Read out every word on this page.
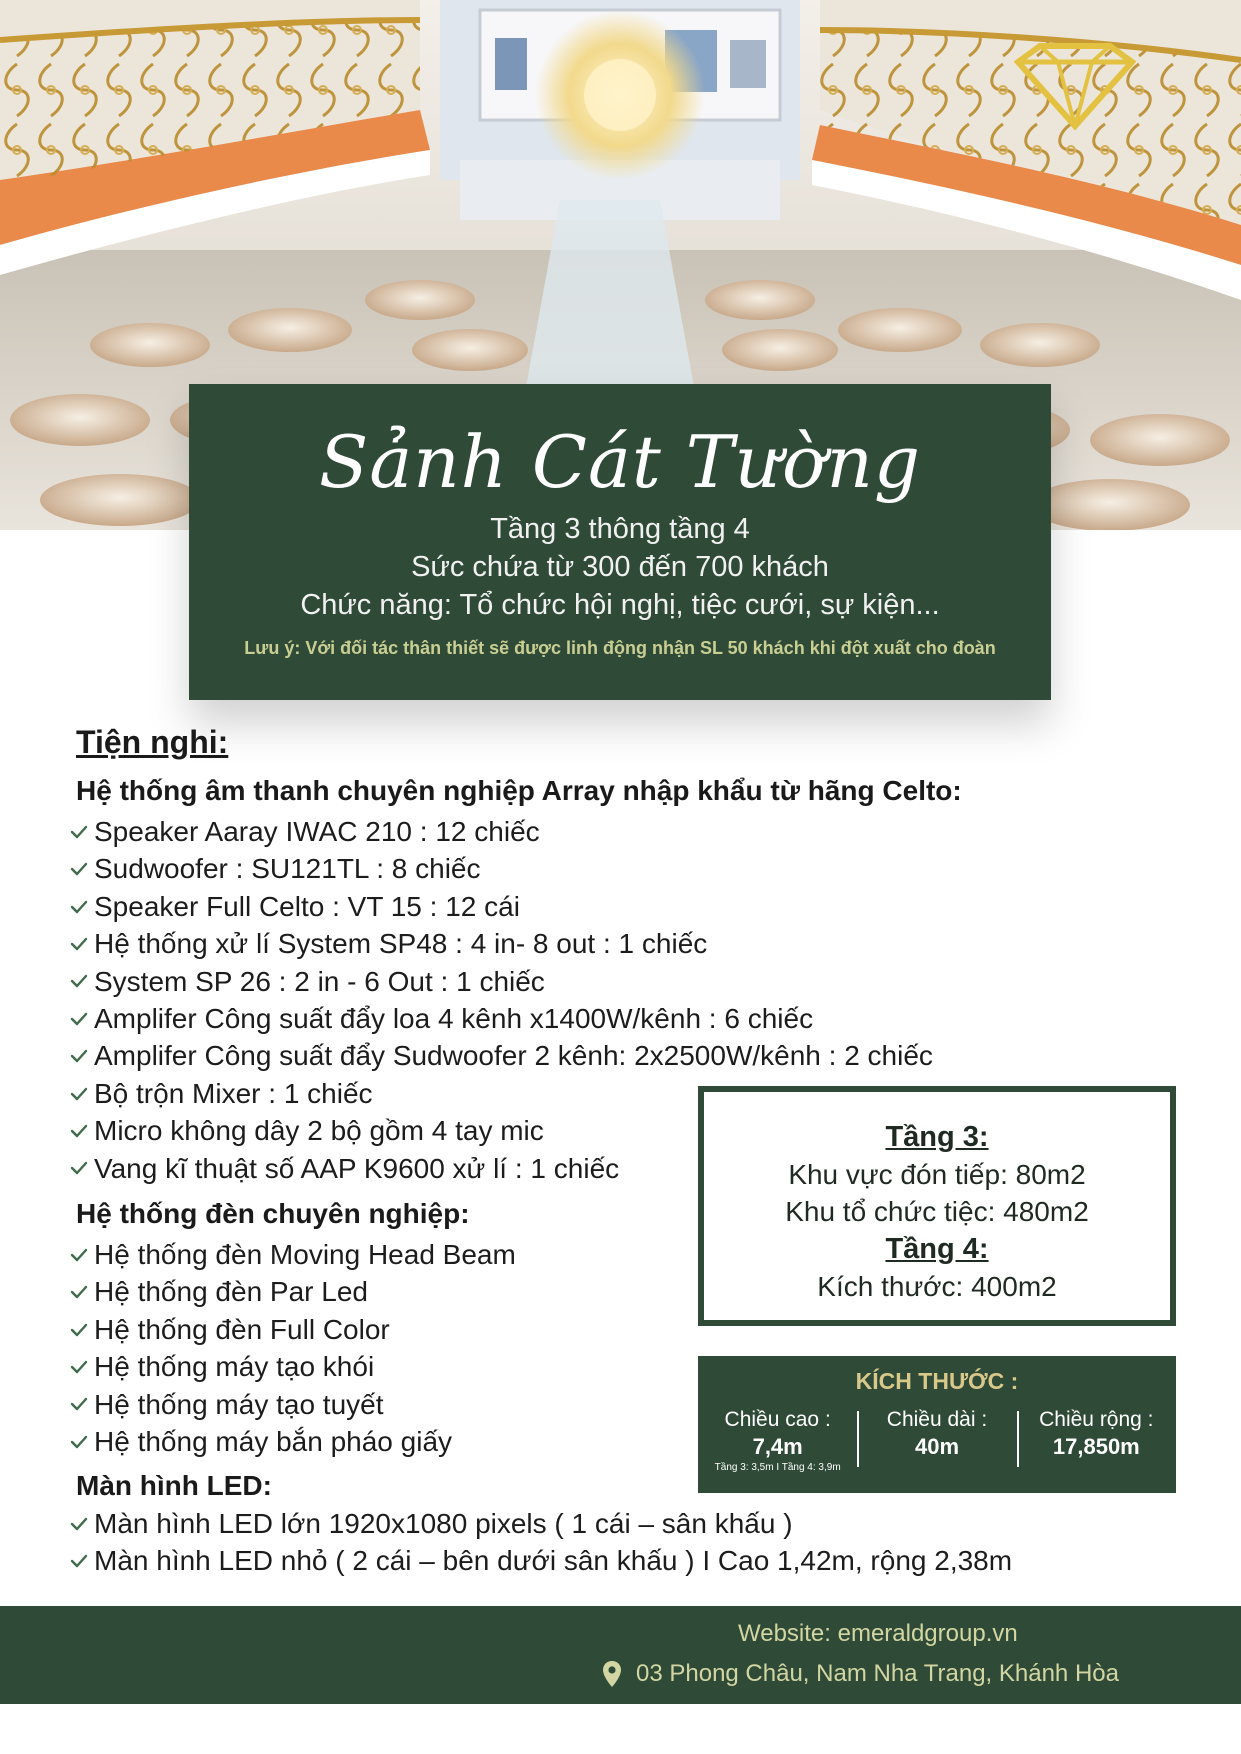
Sảnh Cát Tường
Tầng 3 thông tầng 4
Sức chứa từ 300 đến 700 khách
Chức năng: Tổ chức hội nghị, tiệc cưới, sự kiện...
Lưu ý: Với đối tác thân thiết sẽ được linh động nhận SL 50 khách khi đột xuất cho đoàn
Tiện nghi:
Hệ thống âm thanh chuyên nghiệp Array nhập khẩu từ hãng Celto:
Speaker Aaray IWAC 210 : 12 chiếc
Sudwoofer : SU121TL : 8 chiếc
Speaker Full Celto : VT 15 : 12 cái
Hệ thống xử lí System SP48 : 4 in- 8 out : 1 chiếc
System SP 26 : 2 in - 6 Out : 1 chiếc
Amplifer Công suất đẩy loa 4 kênh x1400W/kênh : 6 chiếc
Amplifer Công suất đẩy Sudwoofer 2 kênh: 2x2500W/kênh : 2 chiếc
Bộ trộn Mixer : 1 chiếc
Micro không dây 2 bộ gồm 4 tay mic
Vang kĩ thuật số AAP K9600 xử lí : 1 chiếc
Hệ thống đèn chuyên nghiệp:
Hệ thống đèn Moving Head Beam
Hệ thống đèn Par Led
Hệ thống đèn Full Color
Hệ thống máy tạo khói
Hệ thống máy tạo tuyết
Hệ thống máy bắn pháo giấy
Màn hình LED:
Màn hình LED lớn 1920x1080 pixels ( 1 cái – sân khấu )
Màn hình LED nhỏ ( 2 cái – bên dưới sân khấu ) I Cao 1,42m, rộng 2,38m
Tầng 3:
Khu vực đón tiếp: 80m2
Khu tổ chức tiệc: 480m2
Tầng 4:
Kích thước: 400m2
KÍCH THƯỚC :
Chiều cao :
7,4m
Tầng 3: 3,5m I Tầng 4: 3,9m
Chiều dài :
40m
Chiều rộng :
17,850m
Website: emeraldgroup.vn
03 Phong Châu, Nam Nha Trang, Khánh Hòa
